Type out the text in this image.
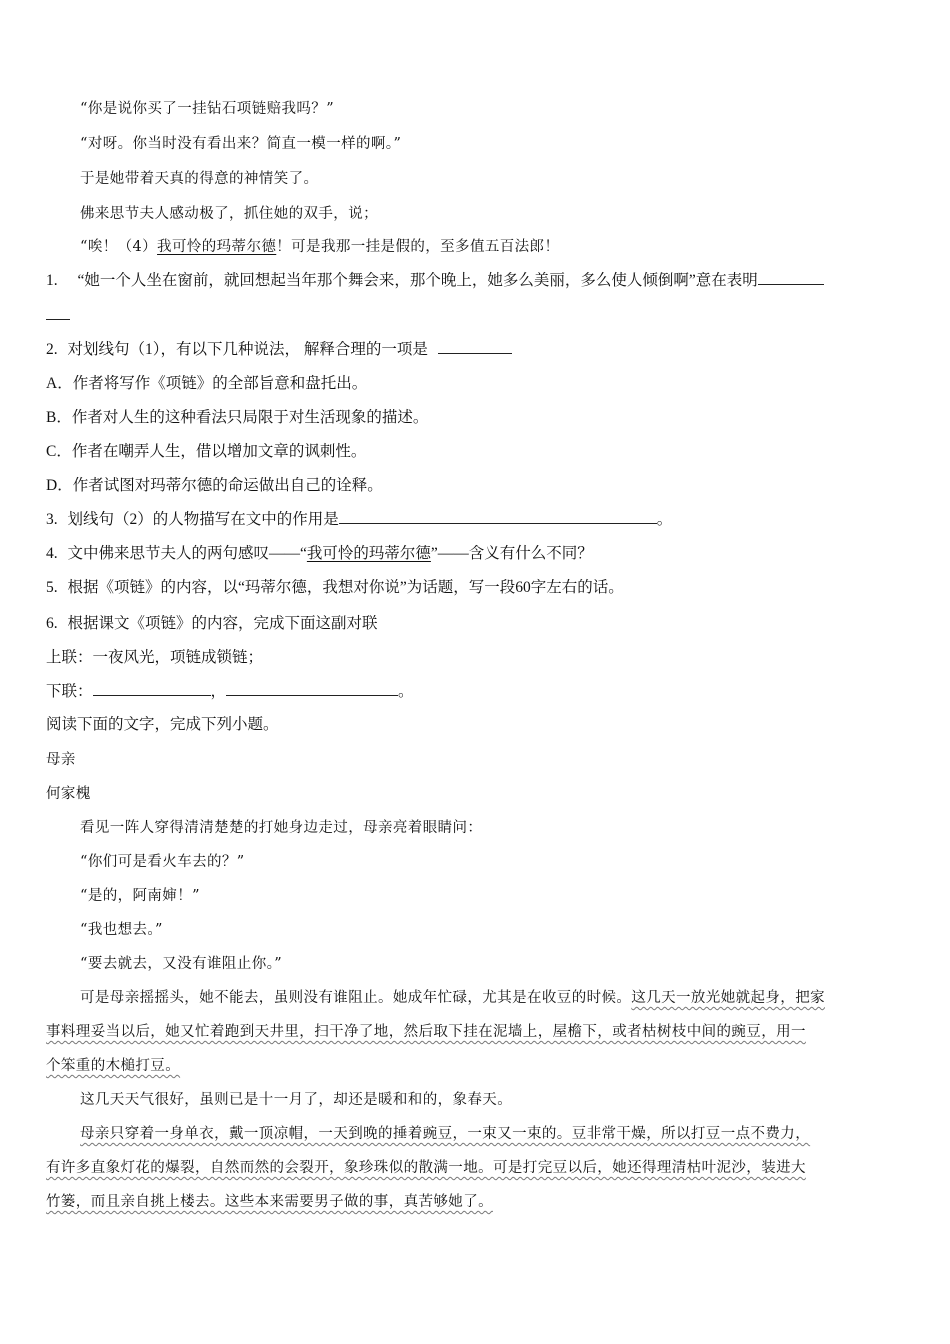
“你是说你买了一挂钻石项链赔我吗？”
“对呀。你当时没有看出来？简直一模一样的啊。”
于是她带着天真的得意的神情笑了。
佛来思节夫人感动极了，抓住她的双手，说；
“唉！（4）我可怜的玛蒂尔德！可是我那一挂是假的，至多值五百法郎！
1. “她一个人坐在窗前，就回想起当年那个舞会来，那个晚上，她多么美丽，多么使人倾倒啊”意在表明
2. 对划线句（1），有以下几种说法， 解释合理的一项是
A．作者将写作《项链》的全部旨意和盘托出。
B．作者对人生的这种看法只局限于对生活现象的描述。
C．作者在嘲弄人生，借以增加文章的讽刺性。
D．作者试图对玛蒂尔德的命运做出自己的诠释。
3. 划线句（2）的人物描写在文中的作用是	。
4. 文中佛来思节夫人的两句感叹——“我可怜的玛蒂尔德”——含义有什么不同？
5. 根据《项链》的内容，以“玛蒂尔德，我想对你说”为话题，写一段60字左右的话。
6. 根据课文《项链》的内容，完成下面这副对联
上联：一夜风光，项链成锁链；
下联：	，	。
阅读下面的文字，完成下列小题。
母亲
何家槐
看见一阵人穿得清清楚楚的打她身边走过，母亲亮着眼睛问：
“你们可是看火车去的？”
“是的，阿南婶！”
“我也想去。”
“要去就去，又没有谁阻止你。”
可是母亲摇摇头，她不能去，虽则没有谁阻止。她成年忙碌，尤其是在收豆的时候。这几天一放光她就起身，把家
事料理妥当以后，她又忙着跑到天井里，扫干净了地，然后取下挂在泥墙上，屋檐下，或者枯树枝中间的豌豆，用一
个笨重的木槌打豆。
这几天天气很好，虽则已是十一月了，却还是暖和和的，象春天。
母亲只穿着一身单衣，戴一顶凉帽，一天到晚的捶着豌豆，一束又一束的。豆非常干燥，所以打豆一点不费力，
有许多直象灯花的爆裂，自然而然的会裂开，象珍珠似的散满一地。可是打完豆以后，她还得理清枯叶泥沙，装进大
竹篓，而且亲自挑上楼去。这些本来需要男子做的事，真苦够她了。
